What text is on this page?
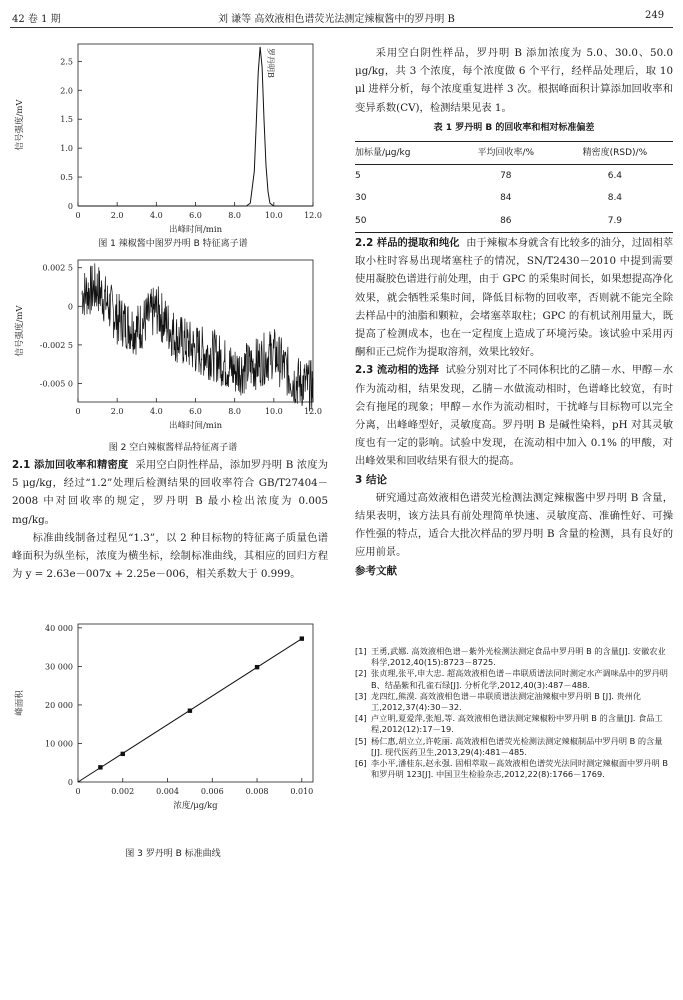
42 卷 1 期	刘 谦等 高效液相色谱荧光法测定辣椒酱中的罗丹明 B	249
0	2.0	4.0	6.0	8.0	10.0	12.0
0
0.5
1.0
1.5
2.0
2.5
出峰时间/min
信号强度/mV
罗丹明B
图 1 辣椒酱中图罗丹明 B 特征离子谱
0	2.0	4.0	6.0	8.0	10.0	12.0
0.002 5
0
-0.002 5
-0.005 0
出峰时间/min
信号强度/mV
图 2 空白辣椒酱样品特征离子谱

2.1 添加回收率和精密度 采用空白阴性样品，添加罗丹明 B 浓度为 5 μg/kg，经过“1.2”处理后检测结果的回收率符合 GB/T27404－2008 中对回收率的规定，罗丹明 B 最小检出浓度为 0.005 mg/kg。

标准曲线制备过程见“1.3”，以 2 种目标物的特征离子质量色谱峰面积为纵坐标，浓度为横坐标，绘制标准曲线，其相应的回归方程为 y = 2.63e－007x + 2.25e－006，相关系数大于 0.999。

0	0.002	0.004	0.006	0.008	0.010
0
10 000
20 000
30 000
40 000
浓度/μg/kg
峰面积
图 3 罗丹明 B 标准曲线

采用空白阴性样品，罗丹明 B 添加浓度为 5.0、30.0、50.0 μg/kg，共 3 个浓度，每个浓度做 6 个平行，经样品处理后，取 10 μl 进样分析，每个浓度重复进样 3 次。根据峰面积计算添加回收率和变异系数(CV)，检测结果见表 1。

表 1 罗丹明 B 的回收率和相对标准偏差
加标量/μg/kg	平均回收率/%	精密度(RSD)/%
5	78	6.4
30	84	8.4
50	86	7.9

2.2 样品的提取和纯化 由于辣椒本身就含有比较多的油分，过固相萃取小柱时容易出现堵塞柱子的情况，SN/T2430－2010 中提到需要使用凝胶色谱进行前处理，由于 GPC 的采集时间长，如果想提高净化效果，就会牺牲采集时间，降低目标物的回收率，否则就不能完全除去样品中的油脂和颗粒，会堵塞萃取柱；GPC 的有机试剂用量大，既提高了检测成本，也在一定程度上造成了环境污染。该试验中采用丙酮和正己烷作为提取溶剂，效果比较好。

2.3 流动相的选择 试验分别对比了不同体积比的乙腈－水、甲醇－水作为流动相，结果发现，乙腈－水做流动相时，色谱峰比较宽，有时会有拖尾的现象；甲醇－水作为流动相时，干扰峰与目标物可以完全分离，出峰峰型好，灵敏度高。罗丹明 B 是碱性染料，pH 对其灵敏度也有一定的影响。试验中发现，在流动相中加入 0.1% 的甲酸，对出峰效果和回收结果有很大的提高。

3 结论

研究通过高效液相色谱荧光检测法测定辣椒酱中罗丹明 B 含量，结果表明，该方法具有前处理简单快速、灵敏度高、准确性好、可操作性强的特点，适合大批次样品的罗丹明 B 含量的检测，具有良好的应用前景。

参考文献

[1] 王勇,武娜. 高效液相色谱－紫外光检测法测定食品中罗丹明 B 的含量[J]. 安徽农业科学,2012,40(15):8723－8725.
[2] 张贞理,张平,申大忠. 超高效液相色谱－串联质谱法同时测定水产调味品中的罗丹明 B、结晶紫和孔雀石绿[J]. 分析化学,2012,40(3):487－488.
[3] 龙四红,熊漠. 高效液相色谱－串联质谱法测定油辣椒中罗丹明 B [J]. 贵州化工,2012,37(4):30－32.
[4] 卢立明,夏爱萍,张旭,等. 高效液相色谱法测定辣椒粉中罗丹明 B 的含量[J]. 食品工程,2012(12):17－19.
[5] 杨仁惠,胡立立,许乾丽. 高效液相色谱荧光检测法测定辣椒制品中罗丹明 B 的含量[J]. 现代医药卫生,2013,29(4):481－485.
[6] 李小平,潘桂东,赵永强. 固相萃取－高效液相色谱荧光法同时测定辣椒面中罗丹明 B 和罗丹明 123[J]. 中国卫生检验杂志,2012,22(8):1766－1769.
